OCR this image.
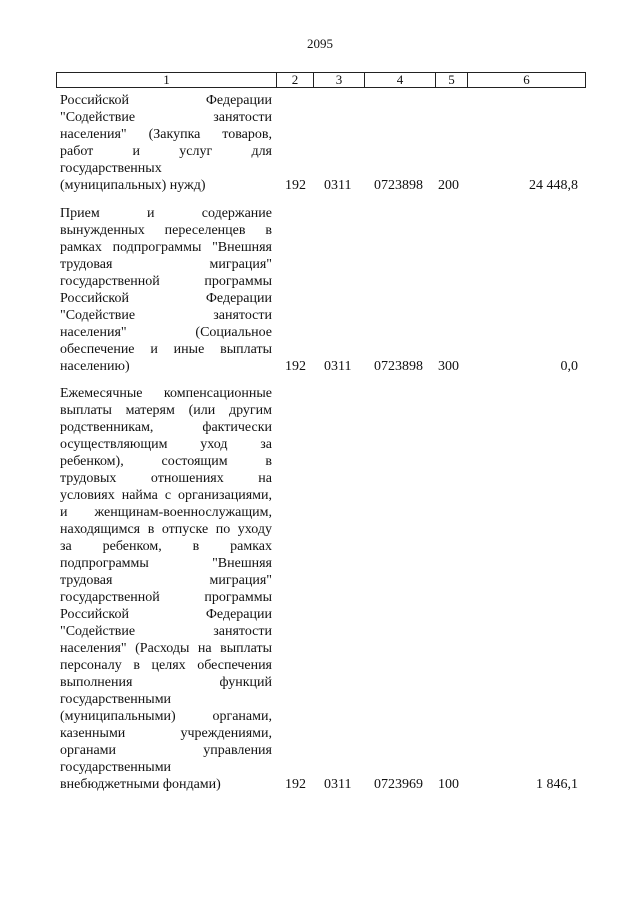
2095
1	2	3	4	5	6
Российской Федерации
"Содействие занятости
населения" (Закупка товаров,
работ и услуг для
государственных
(муниципальных) нужд)	192 0311 0723898 200	24 448,8
Прием и содержание
вынужденных переселенцев в
рамках подпрограммы "Внешняя
трудовая миграция"
государственной программы
Российской Федерации
"Содействие занятости
населения" (Социальное
обеспечение и иные выплаты
населению)	192 0311 0723898 300	0,0
Ежемесячные компенсационные
выплаты матерям (или другим
родственникам, фактически
осуществляющим уход за
ребенком), состоящим в
трудовых отношениях на
условиях найма с организациями,
и женщинам-военнослужащим,
находящимся в отпуске по уходу
за ребенком, в рамках
подпрограммы "Внешняя
трудовая миграция"
государственной программы
Российской Федерации
"Содействие занятости
населения" (Расходы на выплаты
персоналу в целях обеспечения
выполнения функций
государственными
(муниципальными) органами,
казенными учреждениями,
органами управления
государственными
внебюджетными фондами)	192 0311 0723969 100	1 846,1
